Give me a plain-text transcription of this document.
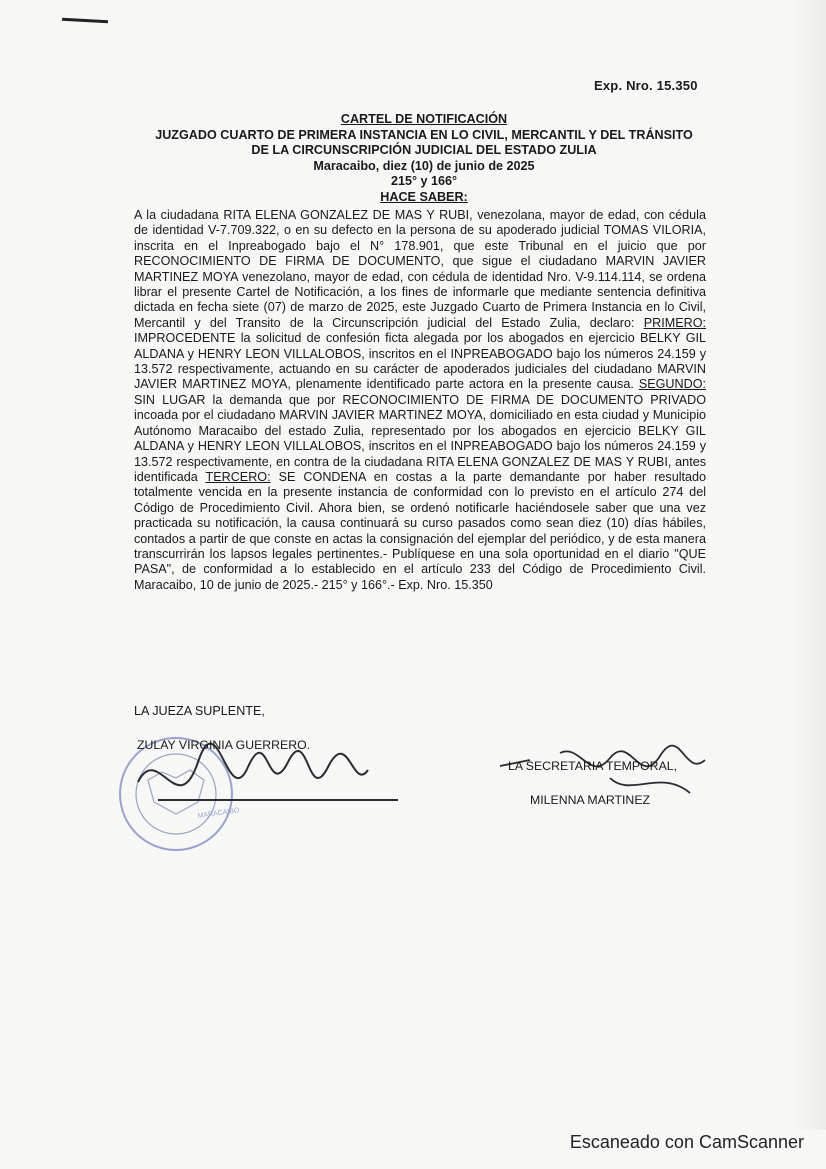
Exp. Nro. 15.350
CARTEL DE NOTIFICACIÓN
JUZGADO CUARTO DE PRIMERA INSTANCIA EN LO CIVIL, MERCANTIL Y DEL TRÁNSITO
DE LA CIRCUNSCRIPCIÓN JUDICIAL DEL ESTADO ZULIA
Maracaibo, diez (10) de junio de 2025
215° y 166°
HACE SABER:

A la ciudadana RITA ELENA GONZALEZ DE MAS Y RUBI, venezolana, mayor de edad, con cédula de identidad V-7.709.322, o en su defecto en la persona de su apoderado judicial TOMAS VILORIA, inscrita en el Inpreabogado bajo el N° 178.901, que este Tribunal en el juicio que por RECONOCIMIENTO DE FIRMA DE DOCUMENTO, que sigue el ciudadano MARVIN JAVIER MARTINEZ MOYA venezolano, mayor de edad, con cédula de identidad Nro. V-9.114.114, se ordena librar el presente Cartel de Notificación, a los fines de informarle que mediante sentencia definitiva dictada en fecha siete (07) de marzo de 2025, este Juzgado Cuarto de Primera Instancia en lo Civil, Mercantil y del Transito de la Circunscripción judicial del Estado Zulia, declaro: PRIMERO: IMPROCEDENTE la solicitud de confesión ficta alegada por los abogados en ejercicio BELKY GIL ALDANA y HENRY LEON VILLALOBOS, inscritos en el INPREABOGADO bajo los números 24.159 y 13.572 respectivamente, actuando en su carácter de apoderados judiciales del ciudadano MARVIN JAVIER MARTINEZ MOYA, plenamente identificado parte actora en la presente causa. SEGUNDO: SIN LUGAR la demanda que por RECONOCIMIENTO DE FIRMA DE DOCUMENTO PRIVADO incoada por el ciudadano MARVIN JAVIER MARTINEZ MOYA, domiciliado en esta ciudad y Municipio Autónomo Maracaibo del estado Zulia, representado por los abogados en ejercicio BELKY GIL ALDANA y HENRY LEON VILLALOBOS, inscritos en el INPREABOGADO bajo los números 24.159 y 13.572 respectivamente, en contra de la ciudadana RITA ELENA GONZALEZ DE MAS Y RUBI, antes identificada TERCERO: SE CONDENA en costas a la parte demandante por haber resultado totalmente vencida en la presente instancia de conformidad con lo previsto en el artículo 274 del Código de Procedimiento Civil. Ahora bien, se ordenó notificarle haciéndosele saber que una vez practicada su notificación, la causa continuará su curso pasados como sean diez (10) días hábiles, contados a partir de que conste en actas la consignación del ejemplar del periódico, y de esta manera transcurrirán los lapsos legales pertinentes.- Publíquese en una sola oportunidad en el diario "QUE PASA", de conformidad a lo establecido en el artículo 233 del Código de Procedimiento Civil. Maracaibo, 10 de junio de 2025.- 215° y 166°.- Exp. Nro. 15.350

LA JUEZA SUPLENTE,
MARACAIBO
ZULAY VIRGINIA GUERRERO.
LA SECRETARIA TEMPORAL,
MILENNA MARTINEZ
Escaneado con CamScanner
